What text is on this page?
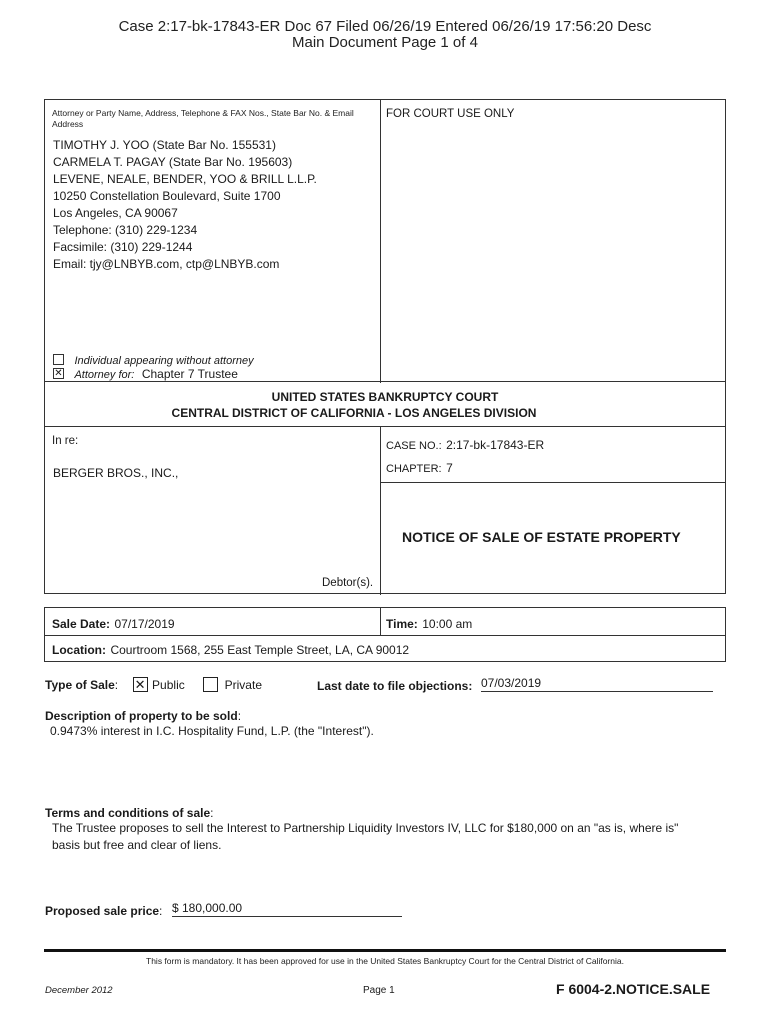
Case 2:17-bk-17843-ER Doc 67 Filed 06/26/19 Entered 06/26/19 17:56:20 Desc
Main Document Page 1 of 4
Attorney or Party Name, Address, Telephone & FAX Nos., State Bar No. & Email Address
TIMOTHY J. YOO (State Bar No. 155531)
CARMELA T. PAGAY (State Bar No. 195603)
LEVENE, NEALE, BENDER, YOO & BRILL L.L.P.
10250 Constellation Boulevard, Suite 1700
Los Angeles, CA 90067
Telephone: (310) 229-1234
Facsimile: (310) 229-1244
Email: tjy@LNBYB.com, ctp@LNBYB.com
Individual appearing without attorney
✕ Attorney for: Chapter 7 Trustee
FOR COURT USE ONLY
UNITED STATES BANKRUPTCY COURT
CENTRAL DISTRICT OF CALIFORNIA - LOS ANGELES DIVISION
In re:
BERGER BROS., INC.,
Debtor(s).
CASE NO.: 2:17-bk-17843-ER
CHAPTER: 7
NOTICE OF SALE OF ESTATE PROPERTY
Sale Date: 07/17/2019	Time: 10:00 am
Location: Courtroom 1568, 255 East Temple Street, LA, CA 90012
Type of Sale: ✕ Public	Private	Last date to file objections: 07/03/2019
Description of property to be sold:
0.9473% interest in I.C. Hospitality Fund, L.P. (the "Interest").
Terms and conditions of sale:
The Trustee proposes to sell the Interest to Partnership Liquidity Investors IV, LLC for $180,000 on an "as is, where is"
basis but free and clear of liens.
Proposed sale price: $ 180,000.00
This form is mandatory. It has been approved for use in the United States Bankruptcy Court for the Central District of California.
December 2012	Page 1	F 6004-2.NOTICE.SALE
